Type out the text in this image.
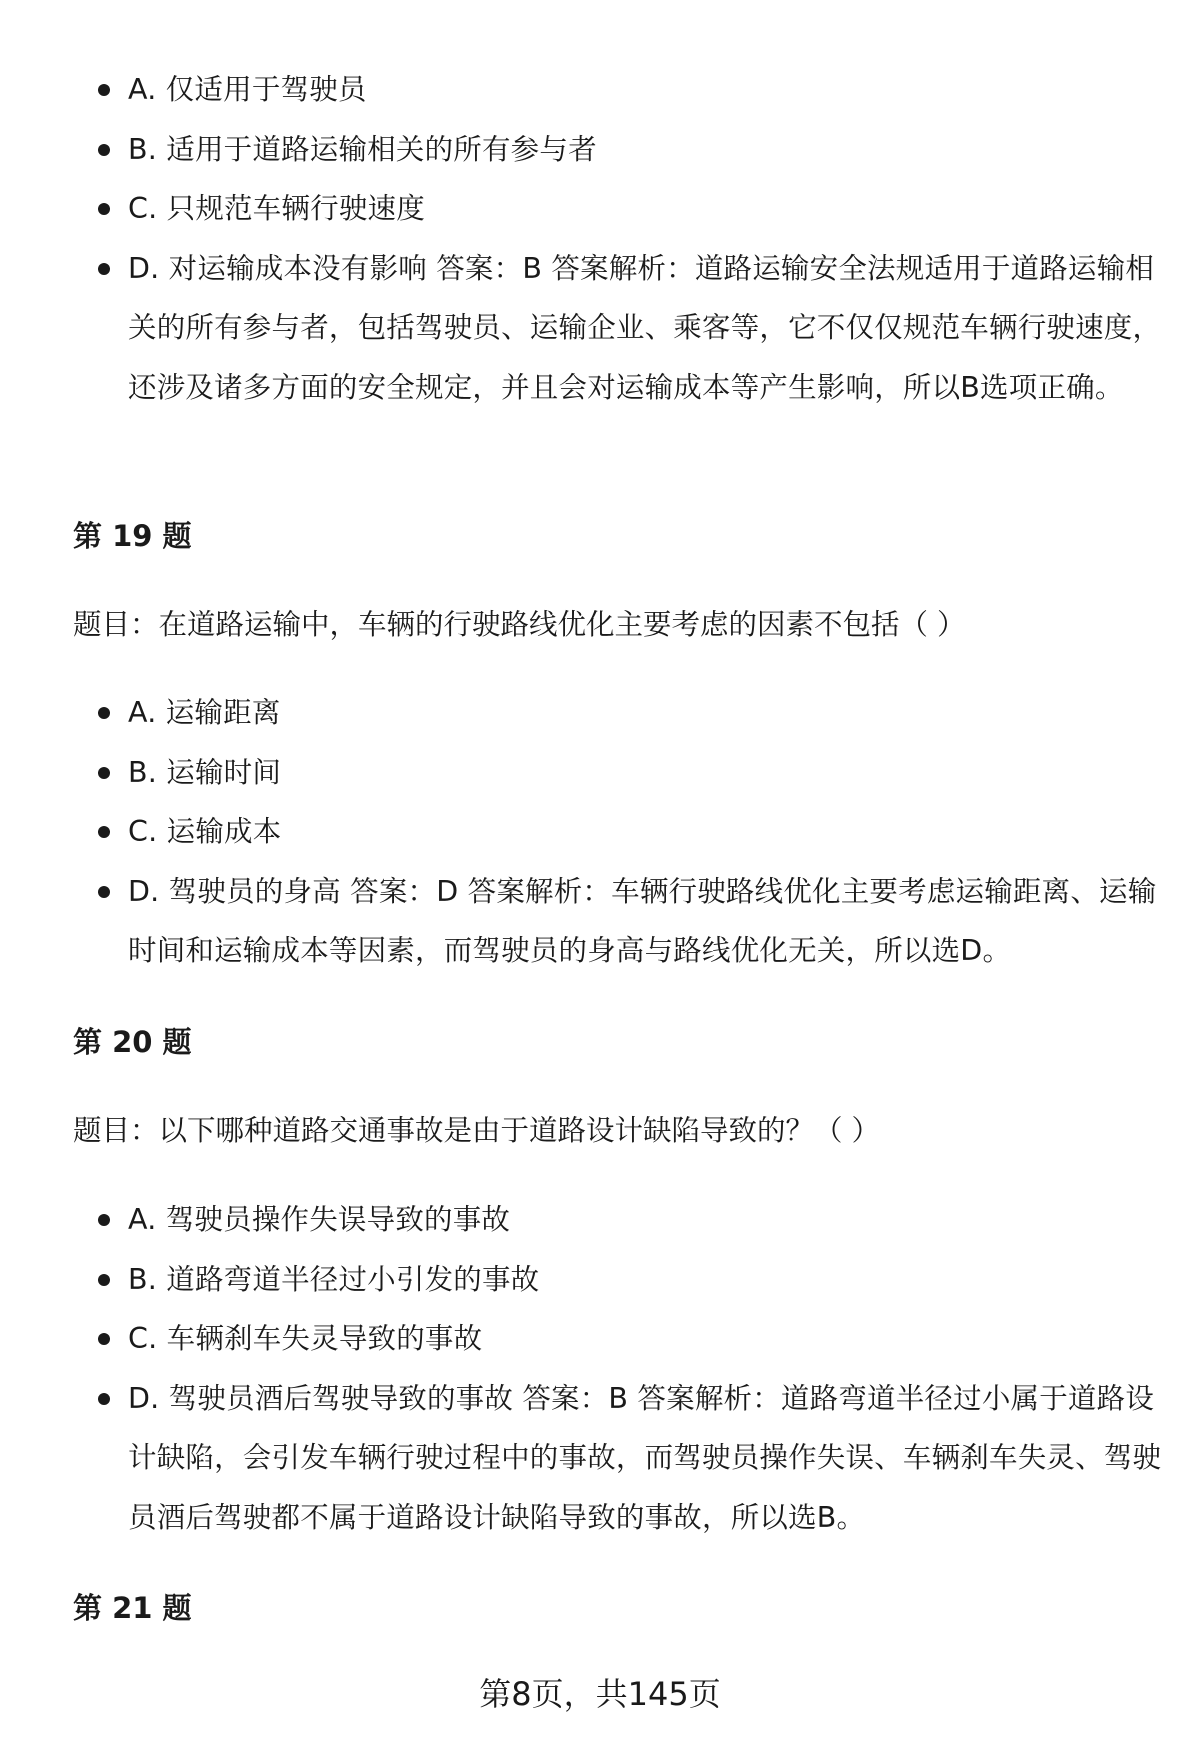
A. 仅适用于驾驶员
B. 适用于道路运输相关的所有参与者
C. 只规范车辆行驶速度
D. 对运输成本没有影响 答案：B 答案解析：道路运输安全法规适用于道路运输相关的所有参与者，包括驾驶员、运输企业、乘客等，它不仅仅规范车辆行驶速度，还涉及诸多方面的安全规定，并且会对运输成本等产生影响，所以B选项正确。
第 19 题

题目：在道路运输中，车辆的行驶路线优化主要考虑的因素不包括（ ）

A. 运输距离
B. 运输时间
C. 运输成本
D. 驾驶员的身高 答案：D 答案解析：车辆行驶路线优化主要考虑运输距离、运输时间和运输成本等因素，而驾驶员的身高与路线优化无关，所以选D。
第 20 题

题目：以下哪种道路交通事故是由于道路设计缺陷导致的？（ ）

A. 驾驶员操作失误导致的事故
B. 道路弯道半径过小引发的事故
C. 车辆刹车失灵导致的事故
D. 驾驶员酒后驾驶导致的事故 答案：B 答案解析：道路弯道半径过小属于道路设计缺陷，会引发车辆行驶过程中的事故，而驾驶员操作失误、车辆刹车失灵、驾驶员酒后驾驶都不属于道路设计缺陷导致的事故，所以选B。
第 21 题
第8页，共145页
